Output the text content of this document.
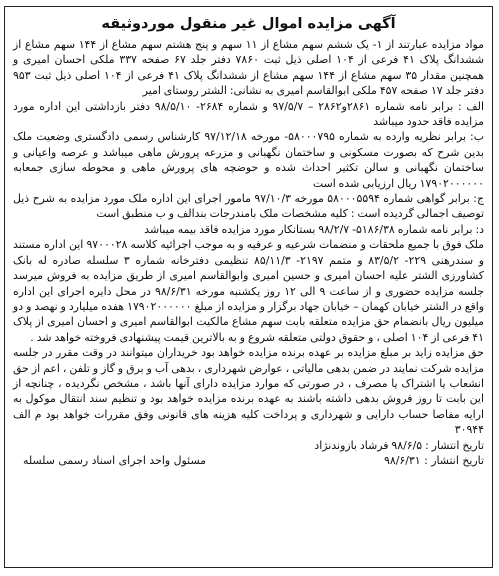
آگهی مزایده اموال غیر منقول موردوثیقه

مواد مزایده عبارتند از ۱- یک ششم سهم مشاع از ۱۱ سهم و پنج هشتم سهم مشاع از ۱۴۴ سهم مشاع از ششدانگ پلاک ۴۱ فرعی از ۱۰۴ اصلی ذیل ثبت ۷۸۶۰ دفتر جلد ۶۷ صفحه ۳۳۷ ملکی احسان امیری و همچنین مقدار ۳۵ سهم مشاع از ۱۴۴ سهم مشاع از ششدانگ پلاک ۴۱ فرعی از ۱۰۴ اصلی ذیل ثبت ۹۵۳ دفتر جلد ۱۷ صفحه ۴۵۷ ملکی ابوالقاسم امیری به نشانی: الشتر روستای امیر

الف : برابر نامه شماره ۲۸۶۱و۲۸۶۲ – ۹۷/۵/۷ و شماره ۲۶۸۴- ۹۸/۵/۱۰ دفتر بازداشتی این اداره مورد مزایده فاقد حدود میباشد

ب: برابر نظریه وارده به شماره ۵۸۰۰۰۷۹۵- مورخه ۹۷/۱۲/۱۸ کارشناس رسمی دادگستری وضعیت ملک بدین شرح که بصورت مسکونی و ساختمان نگهبانی و مزرعه پرورش ماهی میباشد و عرصه واعیانی و ساختمان نگهبانی و سالن تکثیر احداث شده و حوضچه های پرورش ماهی و محوطه سازی جمعابه ۱۷۹۰۲۰۰۰۰۰۰ ریال ارزیابی شده است

ج: برابر گواهی شماره ۵۸۰۰۰۵۵۹۴ مورخه ۹۷/۱۰/۳ مامور اجرای این اداره ملک مورد مزایده به شرح ذیل توصیف اجمالی گردیده است : کلیه مشخصات ملک بامندرجات بندالف و ب منطبق است

د: برابر نامه شماره ۵۱۸۶/۳۸- ۹۸/۲/۷ بستانکار مورد مزایده فاقد بیمه میباشد

ملک فوق با جمیع ملحقات و منضمات شرعیه و عرفیه و به موجب اجرائیه کلاسه ۹۷۰۰۰۲۸ این اداره مستند و سندرهنی ۲۲۹- ۸۳/۵/۲ و متمم ۲۱۹۷- ۸۵/۱۱/۳ تنظیمی دفترخانه شماره ۳ سلسله صادره له بانک کشاورزی الشتر علیه احسان امیری و حسین امیری وابوالقاسم امیری از طریق مزایده به فروش میرسد جلسه مزایده حضوری و از ساعت ۹ الی ۱۲ روز یکشنبه مورخه ۹۸/۶/۳۱ در محل دایره اجرای این اداره واقع در الشتر خیابان کهمان – خیابان جهاد برگزار و مزایده از مبلغ ۱۷۹۰۲۰۰۰۰۰۰ هفده میلیارد و نهصد و دو میلیون ریال بانضمام حق مزایده متعلقه بابت سهم مشاع مالکیت ابوالقاسم امیری و احسان امیری از پلاک ۴۱ فرعی از ۱۰۴ اصلی ، و حقوق دولتی متعلقه شروع و به بالاترین قیمت پیشنهادی فروخته خواهد شد .

حق مزایده زاید بر مبلغ مزایده بر عهده برنده مزایده خواهد بود خریداران میتوانند در وقت مقرر در جلسه مزایده شرکت نمایند در ضمن بدهی مالیاتی ، عوارض شهرداری ، بدهی آب و برق و گاز و تلفن ، اعم از حق انشعاب یا اشتراک یا مصرف ، در صورتی که موارد مزایده دارای آنها باشد ، مشخص نگردیده ، چنانچه از این بابت تا روز فروش بدهی داشته باشند به عهده برنده مزایده خواهد بود و تنظیم سند انتقال موکول به ارایه مفاصا حساب دارایی و شهرداری و پرداخت کلیه هزینه های قانونی وفق مقررات خواهد بود م الف ۳۰۹۴۴

تاریخ انتشار : ۹۸/۶/۵ فرشاد بازوندنژاد
تاریخ انتشار : ۹۸/۶/۳۱
مسئول واحد اجرای اسناد رسمی سلسله
